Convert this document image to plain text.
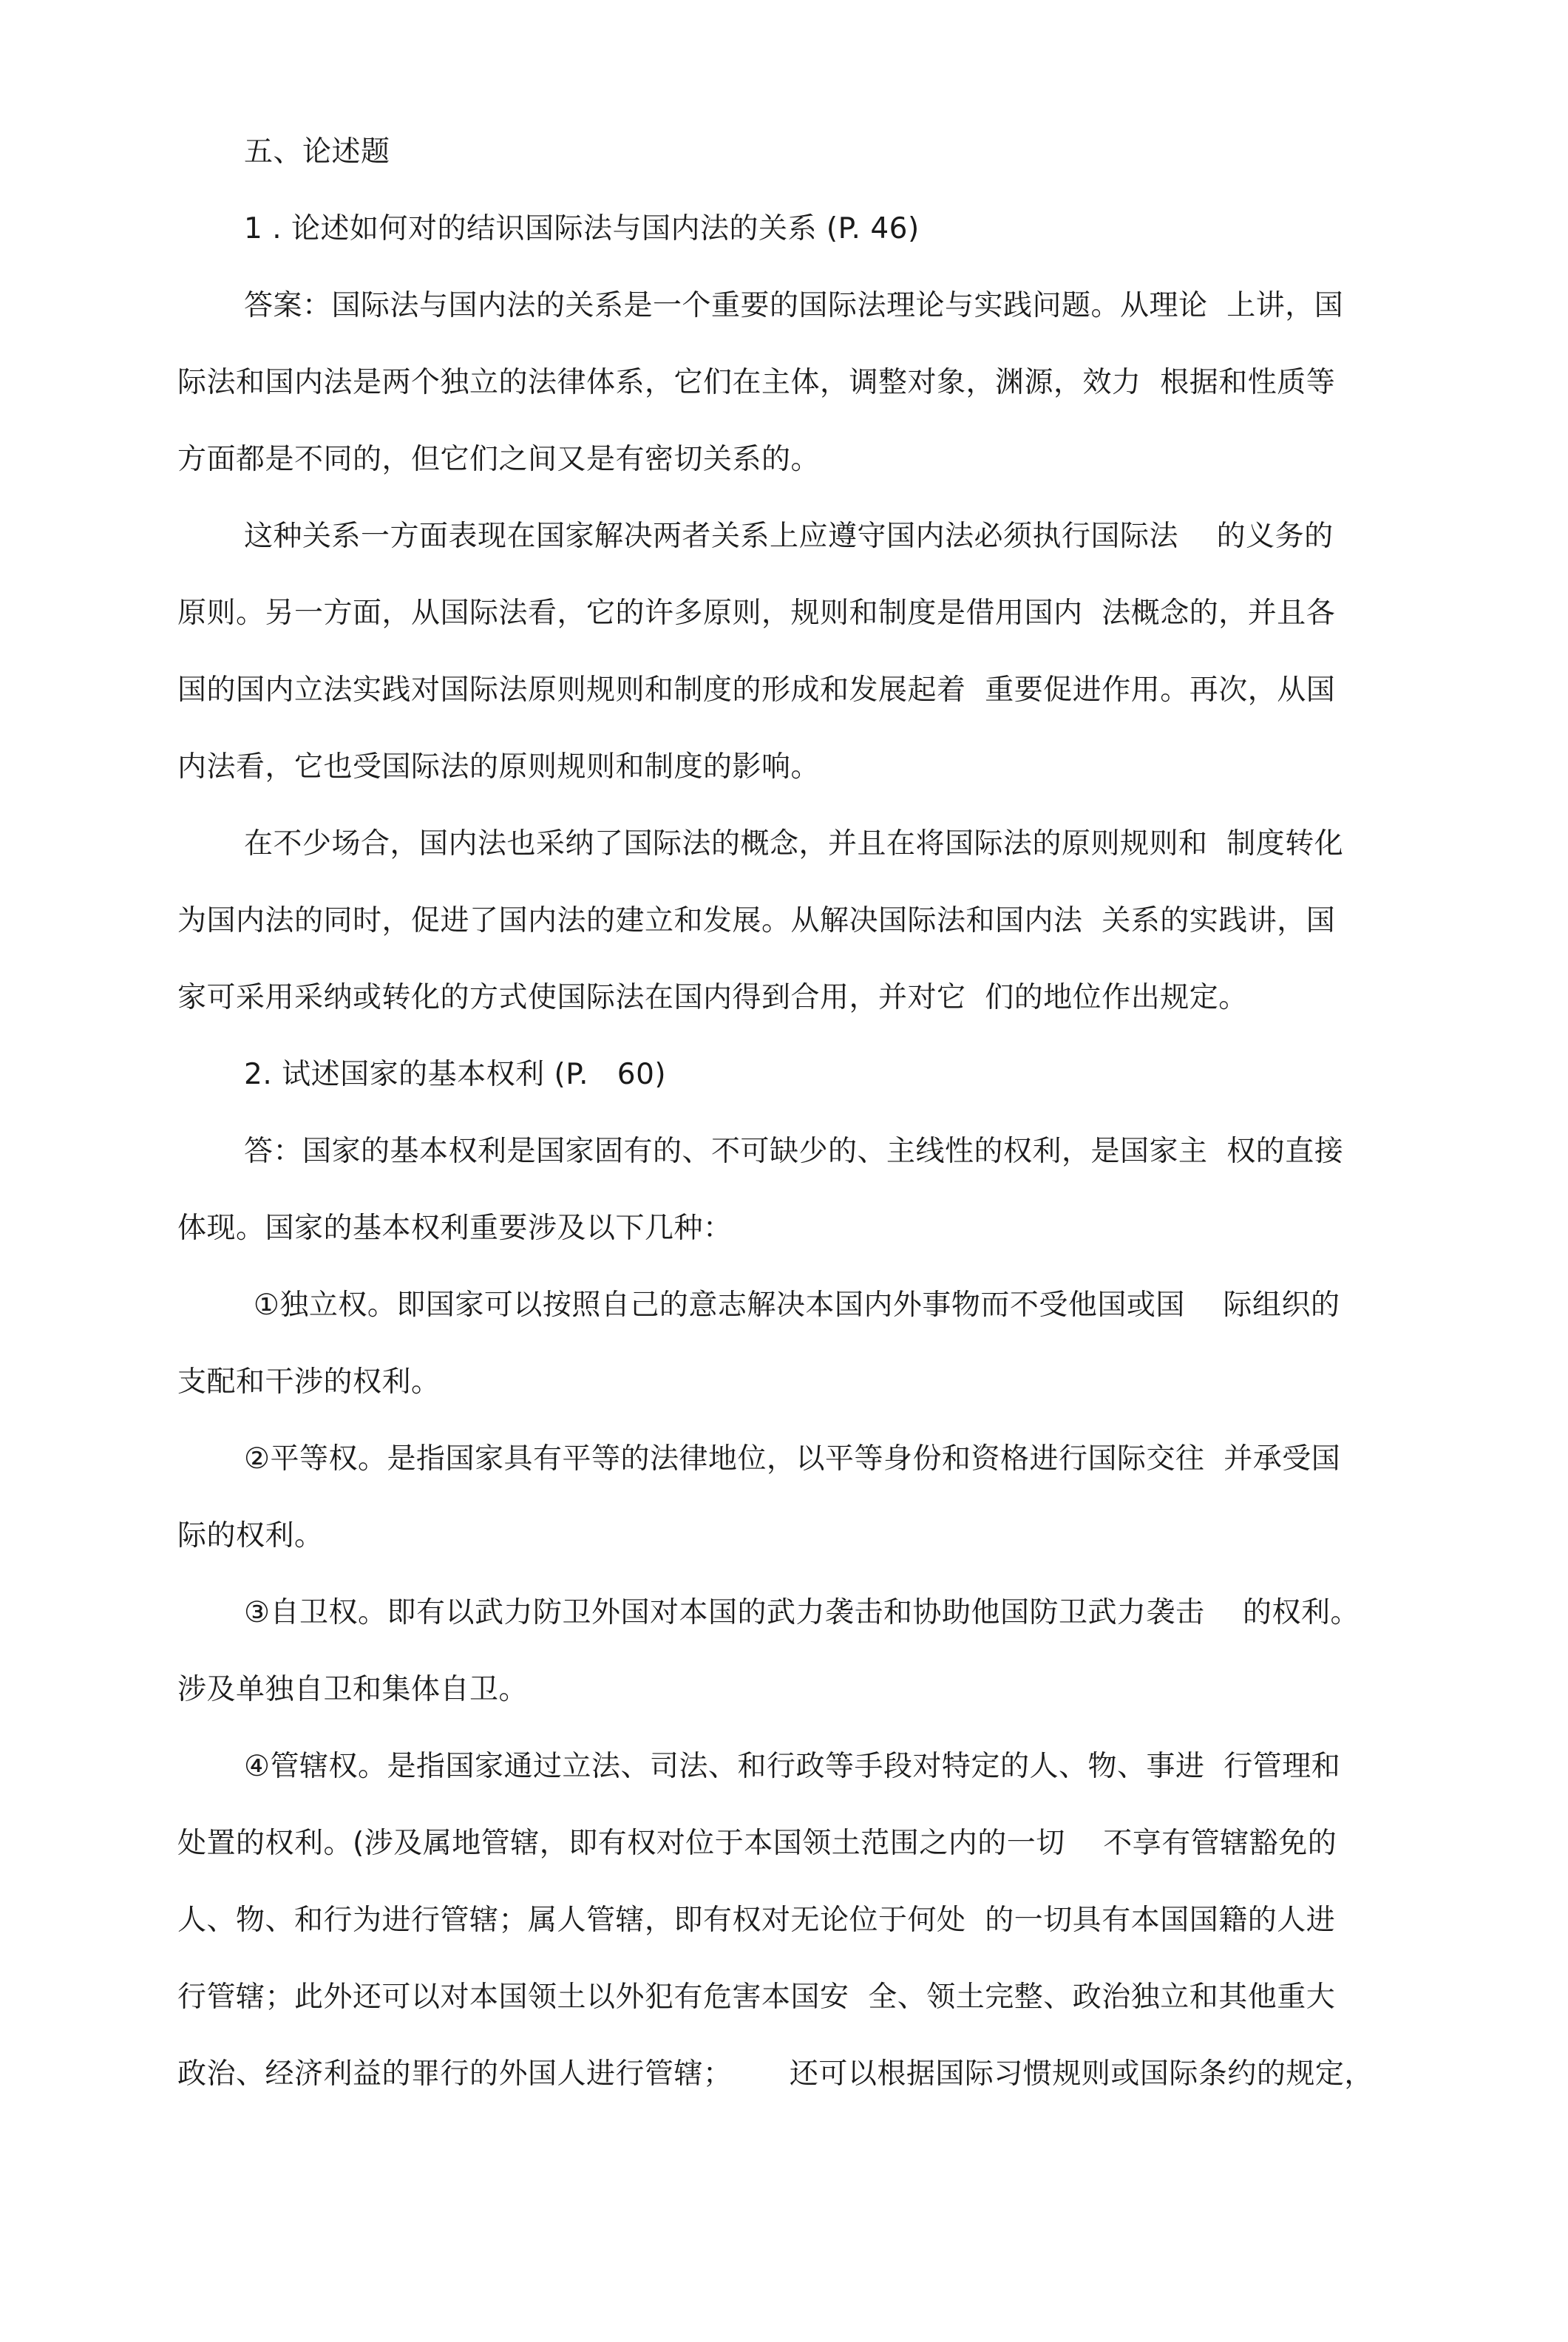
五、论述题
1 . 论述如何对的结识国际法与国内法的关系 (P. 46)
答案：国际法与国内法的关系是一个重要的国际法理论与实践问题。从理论  上讲，国
际法和国内法是两个独立的法律体系，它们在主体，调整对象，渊源，效力  根据和性质等
方面都是不同的，但它们之间又是有密切关系的。
这种关系一方面表现在国家解决两者关系上应遵守国内法必须执行国际法    的义务的
原则。另一方面，从国际法看，它的许多原则，规则和制度是借用国内  法概念的，并且各
国的国内立法实践对国际法原则规则和制度的形成和发展起着  重要促进作用。再次，从国
内法看，它也受国际法的原则规则和制度的影响。
在不少场合，国内法也采纳了国际法的概念，并且在将国际法的原则规则和  制度转化
为国内法的同时，促进了国内法的建立和发展。从解决国际法和国内法  关系的实践讲，国
家可采用采纳或转化的方式使国际法在国内得到合用，并对它  们的地位作出规定。
2. 试述国家的基本权利 (P.   60)
答：国家的基本权利是国家固有的、不可缺少的、主线性的权利，是国家主  权的直接
体现。国家的基本权利重要涉及以下几种：
①独立权。即国家可以按照自己的意志解决本国内外事物而不受他国或国    际组织的
支配和干涉的权利。
②平等权。是指国家具有平等的法律地位，以平等身份和资格进行国际交往  并承受国
际的权利。
③自卫权。即有以武力防卫外国对本国的武力袭击和协助他国防卫武力袭击    的权利。
涉及单独自卫和集体自卫。
④管辖权。是指国家通过立法、司法、和行政等手段对特定的人、物、事进  行管理和
处置的权利。(涉及属地管辖，即有权对位于本国领土范围之内的一切    不享有管辖豁免的
人、物、和行为进行管辖；属人管辖，即有权对无论位于何处  的一切具有本国国籍的人进
行管辖；此外还可以对本国领土以外犯有危害本国安  全、领土完整、政治独立和其他重大
政治、经济利益的罪行的外国人进行管辖；      还可以根据国际习惯规则或国际条约的规定，
